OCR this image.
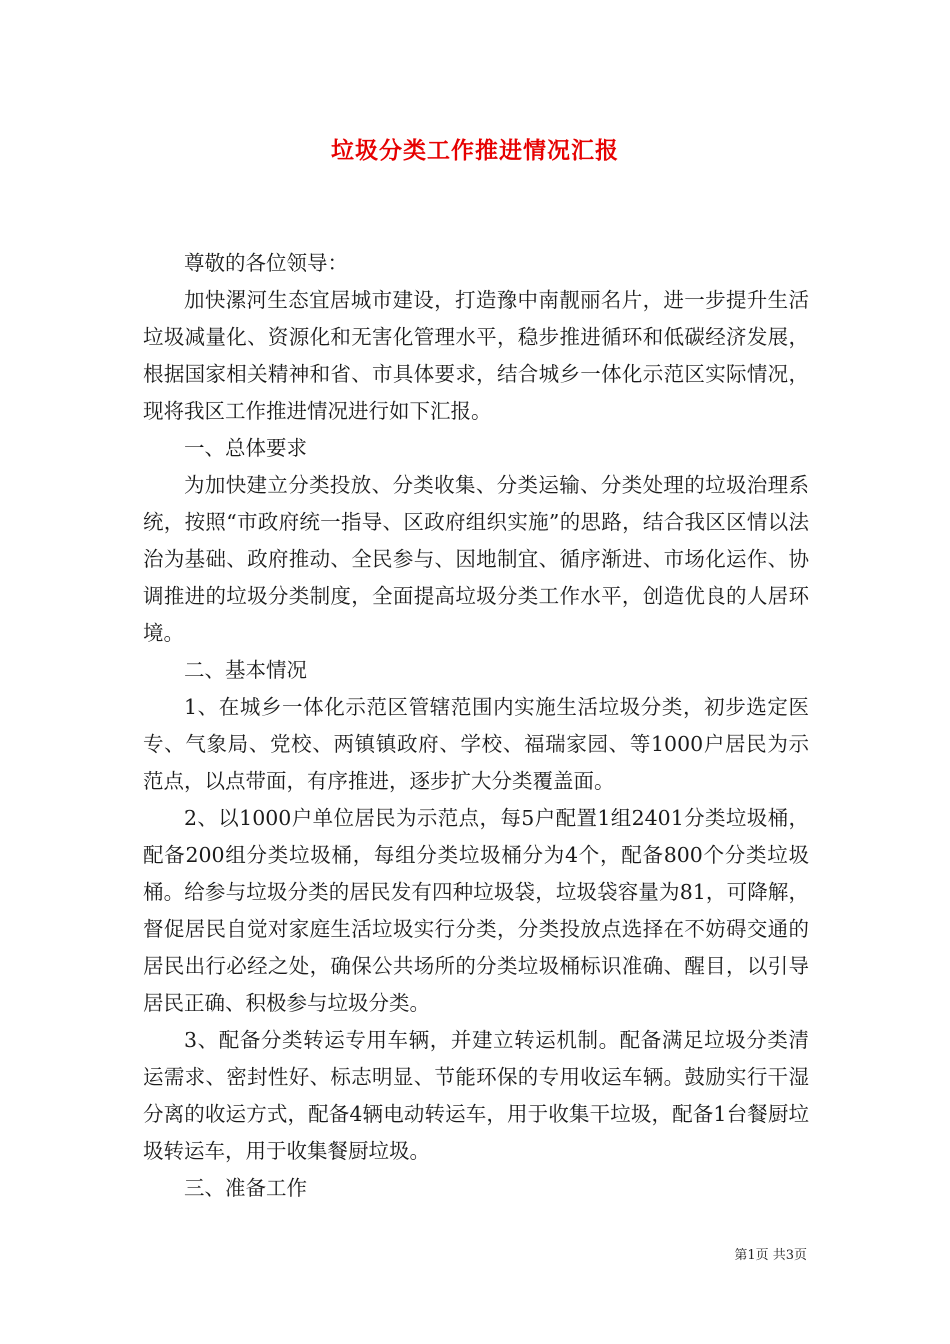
垃圾分类工作推进情况汇报

尊敬的各位领导：

加快漯河生态宜居城市建设，打造豫中南靓丽名片，进一步提升生活垃圾减量化、资源化和无害化管理水平，稳步推进循环和低碳经济发展，根据国家相关精神和省、市具体要求，结合城乡一体化示范区实际情况，现将我区工作推进情况进行如下汇报。

一、总体要求

为加快建立分类投放、分类收集、分类运输、分类处理的垃圾治理系统，按照“市政府统一指导、区政府组织实施”的思路，结合我区区情以法治为基础、政府推动、全民参与、因地制宜、循序渐进、市场化运作、协调推进的垃圾分类制度，全面提高垃圾分类工作水平，创造优良的人居环境。

二、基本情况

1、在城乡一体化示范区管辖范围内实施生活垃圾分类，初步选定医专、气象局、党校、两镇镇政府、学校、福瑞家园、等1000户居民为示范点，以点带面，有序推进，逐步扩大分类覆盖面。

2、以1000户单位居民为示范点，每5户配置1组2401分类垃圾桶，配备200组分类垃圾桶，每组分类垃圾桶分为4个，配备800个分类垃圾桶。给参与垃圾分类的居民发有四种垃圾袋，垃圾袋容量为81，可降解，督促居民自觉对家庭生活垃圾实行分类，分类投放点选择在不妨碍交通的居民出行必经之处，确保公共场所的分类垃圾桶标识准确、醒目，以引导居民正确、积极参与垃圾分类。

3、配备分类转运专用车辆，并建立转运机制。配备满足垃圾分类清运需求、密封性好、标志明显、节能环保的专用收运车辆。鼓励实行干湿分离的收运方式，配备4辆电动转运车，用于收集干垃圾，配备1台餐厨垃圾转运车，用于收集餐厨垃圾。

三、准备工作

第1页 共3页
